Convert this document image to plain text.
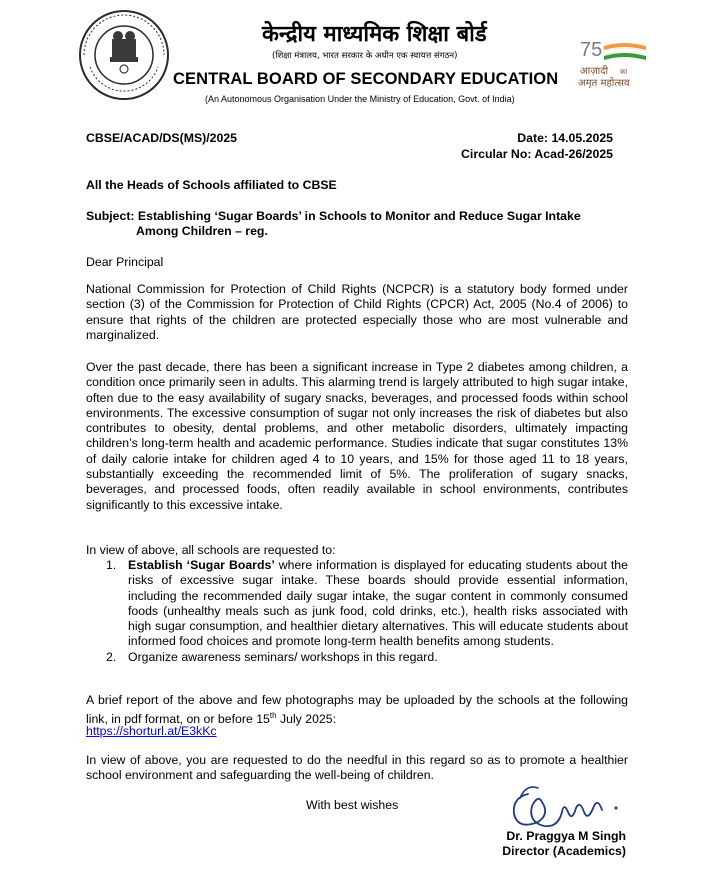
केन्द्रीय माध्यमिक शिक्षा बोर्ड
(शिक्षा मंत्रालय, भारत सरकार के अधीन एक स्वायत्त संगठन)
CENTRAL BOARD OF SECONDARY EDUCATION
(An Autonomous Organisation Under the Ministry of Education, Govt. of India)
75
आज़ादी का
अमृत महोत्सव
CBSE/ACAD/DS(MS)/2025	Date: 14.05.2025
Circular No: Acad-26/2025
All the Heads of Schools affiliated to CBSE
Subject: Establishing ‘Sugar Boards’ in Schools to Monitor and Reduce Sugar Intake
Among Children – reg.
Dear Principal
National Commission for Protection of Child Rights (NCPCR) is a statutory body formed under section (3) of the Commission for Protection of Child Rights (CPCR) Act, 2005 (No.4 of 2006) to ensure that rights of the children are protected especially those who are most vulnerable and marginalized.
Over the past decade, there has been a significant increase in Type 2 diabetes among children, a condition once primarily seen in adults. This alarming trend is largely attributed to high sugar intake, often due to the easy availability of sugary snacks, beverages, and processed foods within school environments. The excessive consumption of sugar not only increases the risk of diabetes but also contributes to obesity, dental problems, and other metabolic disorders, ultimately impacting children’s long-term health and academic performance. Studies indicate that sugar constitutes 13% of daily calorie intake for children aged 4 to 10 years, and 15% for those aged 11 to 18 years, substantially exceeding the recommended limit of 5%. The proliferation of sugary snacks, beverages, and processed foods, often readily available in school environments, contributes significantly to this excessive intake.
In view of above, all schools are requested to:
1. Establish ‘Sugar Boards’ where information is displayed for educating students about the risks of excessive sugar intake. These boards should provide essential information, including the recommended daily sugar intake, the sugar content in commonly consumed foods (unhealthy meals such as junk food, cold drinks, etc.), health risks associated with high sugar consumption, and healthier dietary alternatives. This will educate students about informed food choices and promote long-term health benefits among students.
2. Organize awareness seminars/ workshops in this regard.
A brief report of the above and few photographs may be uploaded by the schools at the following link, in pdf format, on or before 15th July 2025:
https://shorturl.at/E3kKc
In view of above, you are requested to do the needful in this regard so as to promote a healthier school environment and safeguarding the well-being of children.
With best wishes
Dr. Praggya M Singh
Director (Academics)
